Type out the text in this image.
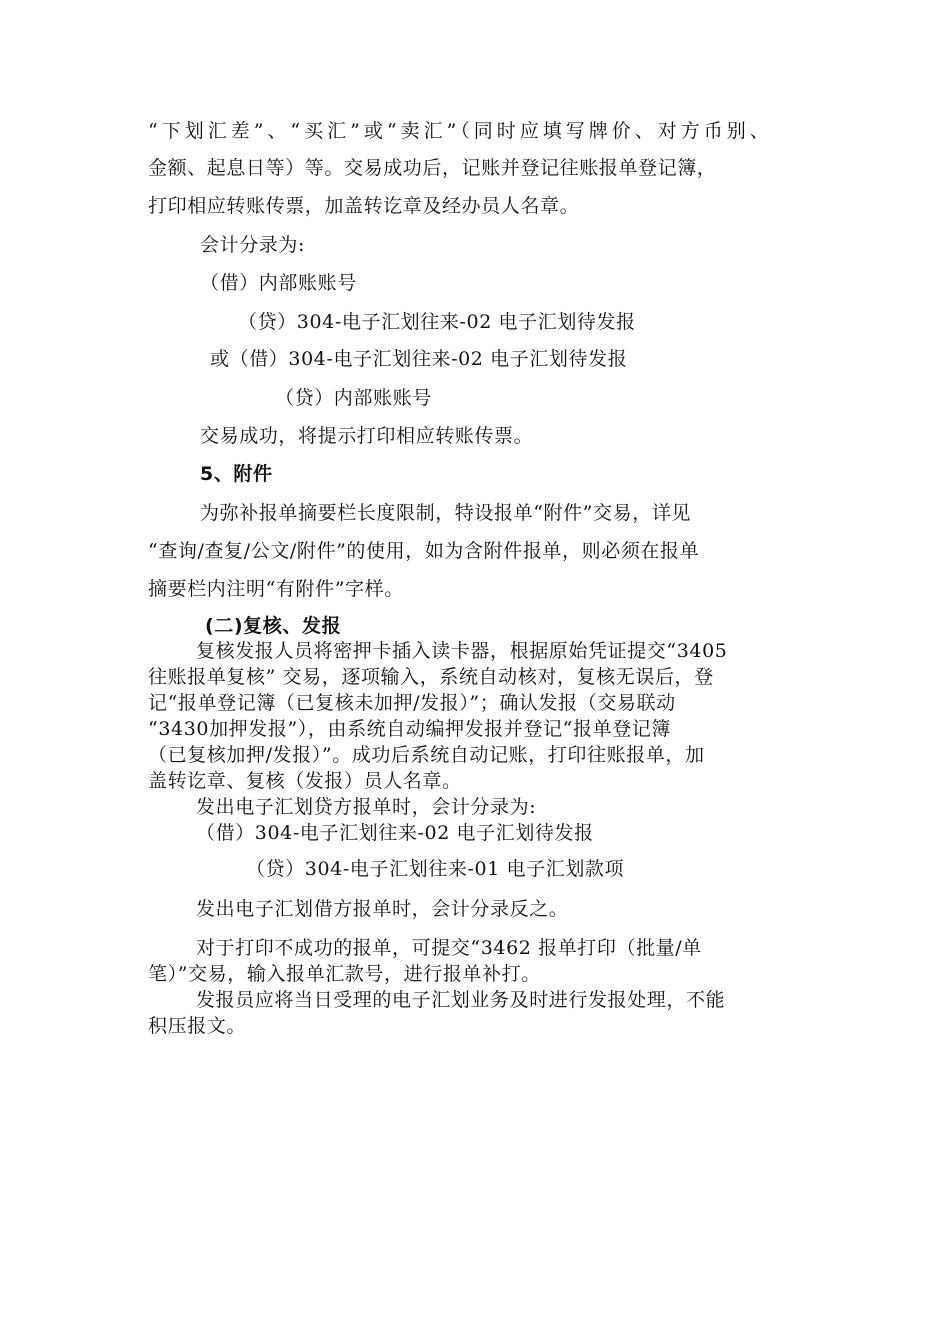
“下划汇差”、“买汇”或“卖汇”（同时应填写牌价、对方币别、
金额、起息日等）等。交易成功后，记账并登记往账报单登记簿，
打印相应转账传票，加盖转讫章及经办员人名章。
会计分录为:
（借）内部账账号
（贷）304-电子汇划往来-02 电子汇划待发报
或（借）304-电子汇划往来-02 电子汇划待发报
（贷）内部账账号
交易成功，将提示打印相应转账传票。
5、附件
为弥补报单摘要栏长度限制，特设报单“附件”交易，详见
“查询/查复/公文/附件”的使用，如为含附件报单，则必须在报单
摘要栏内注明“有附件”字样。
(二)复核、发报
复核发报人员将密押卡插入读卡器，根据原始凭证提交“3405
往账报单复核” 交易，逐项输入，系统自动核对，复核无误后，登
记“报单登记簿（已复核未加押/发报）”；确认发报（交易联动
“3430加押发报”），由系统自动编押发报并登记“报单登记簿
（已复核加押/发报）”。成功后系统自动记账，打印往账报单，加
盖转讫章、复核（发报）员人名章。
发出电子汇划贷方报单时，会计分录为:
（借）304-电子汇划往来-02 电子汇划待发报
（贷）304-电子汇划往来-01 电子汇划款项
发出电子汇划借方报单时，会计分录反之。
对于打印不成功的报单，可提交“3462 报单打印（批量/单
笔）”交易，输入报单汇款号，进行报单补打。
发报员应将当日受理的电子汇划业务及时进行发报处理，不能
积压报文。
